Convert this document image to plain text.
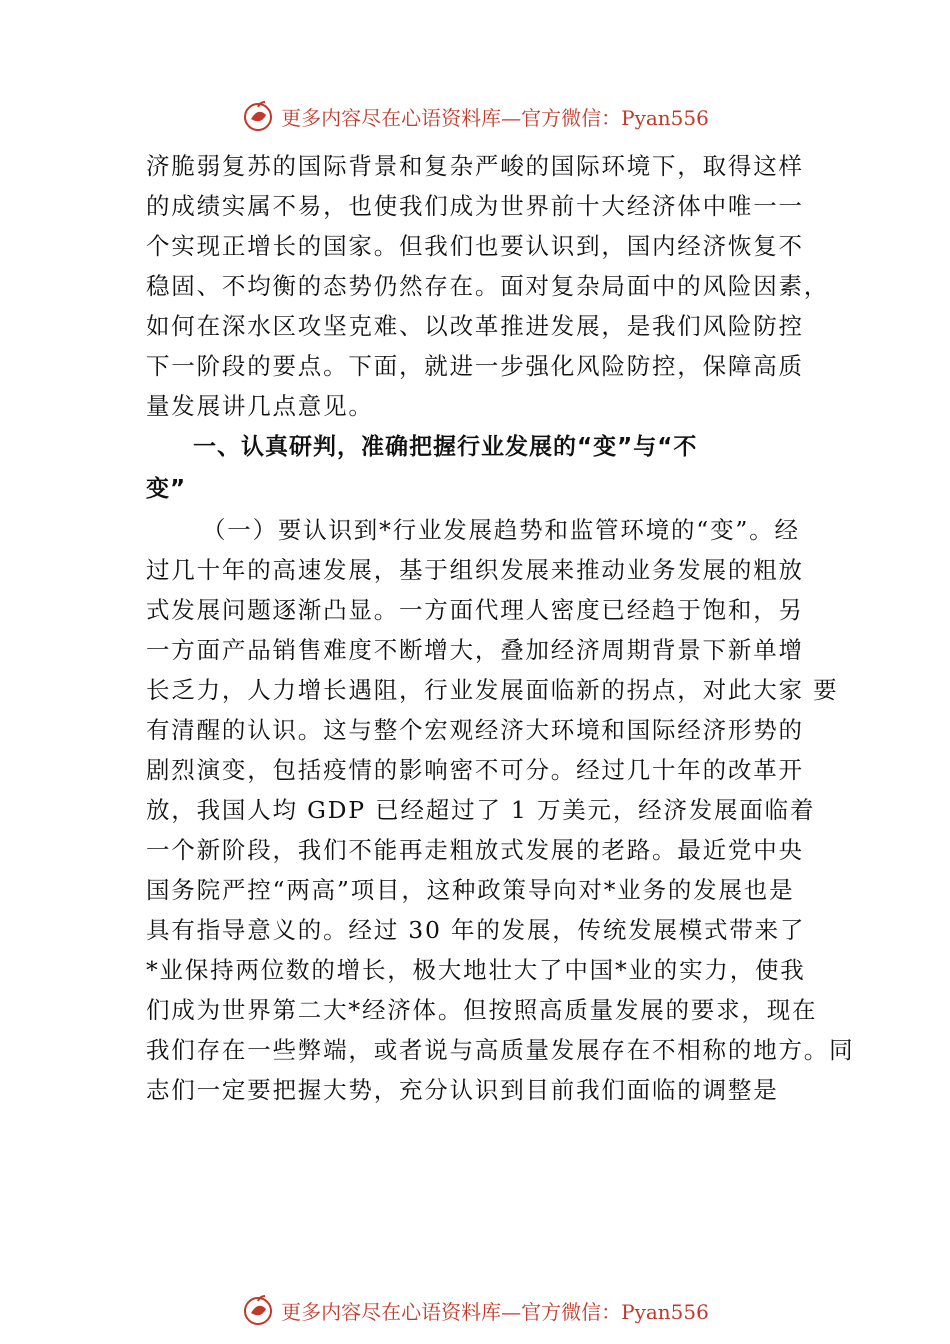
更多内容尽在心语资料库—官方微信：Pyan556
济脆弱复苏的国际背景和复杂严峻的国际环境下，取得这样
的成绩实属不易，也使我们成为世界前十大经济体中唯一一
个实现正增长的国家。但我们也要认识到，国内经济恢复不
稳固、不均衡的态势仍然存在。面对复杂局面中的风险因素，
如何在深水区攻坚克难、以改革推进发展，是我们风险防控
下一阶段的要点。下面，就进一步强化风险防控，保障高质
量发展讲几点意见。
一、认真研判，准确把握行业发展的“变”与“不
变”
（一）要认识到*行业发展趋势和监管环境的“变”。经
过几十年的高速发展，基于组织发展来推动业务发展的粗放
式发展问题逐渐凸显。一方面代理人密度已经趋于饱和，另
一方面产品销售难度不断增大，叠加经济周期背景下新单增
长乏力，人力增长遇阻，行业发展面临新的拐点，对此大家 要
有清醒的认识。这与整个宏观经济大环境和国际经济形势的
剧烈演变，包括疫情的影响密不可分。经过几十年的改革开
放，我国人均 GDP 已经超过了 1 万美元，经济发展面临着
一个新阶段，我们不能再走粗放式发展的老路。最近党中央
国务院严控“两高”项目，这种政策导向对*业务的发展也是
具有指导意义的。经过 30 年的发展，传统发展模式带来了
*业保持两位数的增长，极大地壮大了中国*业的实力，使我
们成为世界第二大*经济体。但按照高质量发展的要求，现在
我们存在一些弊端，或者说与高质量发展存在不相称的地方。同
志们一定要把握大势，充分认识到目前我们面临的调整是
更多内容尽在心语资料库—官方微信：Pyan556
